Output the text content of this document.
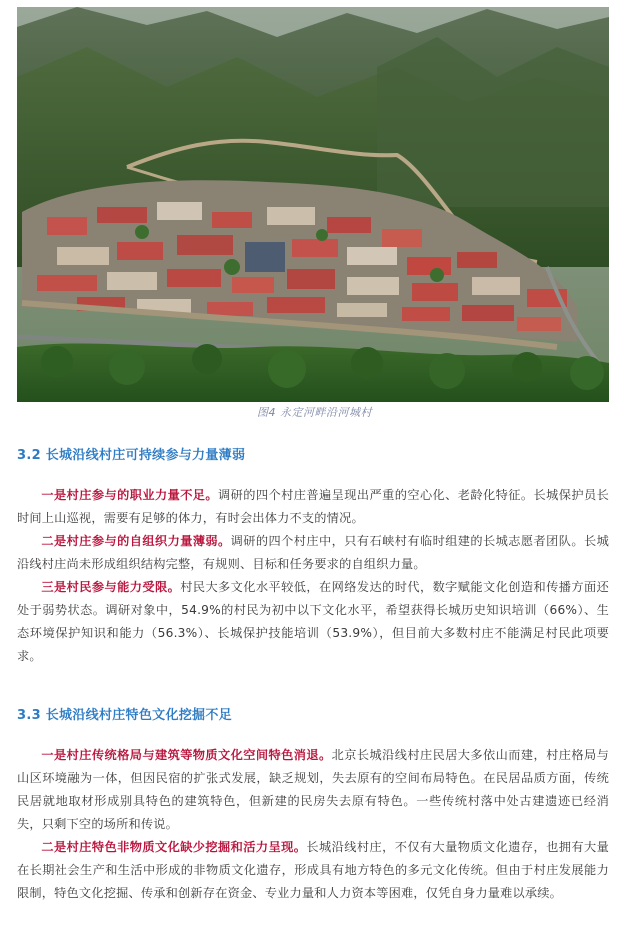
图4 永定河畔沿河城村
3.2 长城沿线村庄可持续参与力量薄弱

一是村庄参与的职业力量不足。调研的四个村庄普遍呈现出严重的空心化、老龄化特征。长城保护员长时间上山巡视，需要有足够的体力，有时会出体力不支的情况。

二是村庄参与的自组织力量薄弱。调研的四个村庄中，只有石峡村有临时组建的长城志愿者团队。长城沿线村庄尚未形成组织结构完整，有规则、目标和任务要求的自组织力量。

三是村民参与能力受限。村民大多文化水平较低，在网络发达的时代，数字赋能文化创造和传播方面还处于弱势状态。调研对象中，54.9%的村民为初中以下文化水平，希望获得长城历史知识培训（66%）、生态环境保护知识和能力（56.3%）、长城保护技能培训（53.9%），但目前大多数村庄不能满足村民此项要求。

3.3 长城沿线村庄特色文化挖掘不足

一是村庄传统格局与建筑等物质文化空间特色消退。北京长城沿线村庄民居大多依山而建，村庄格局与山区环境融为一体，但因民宿的扩张式发展，缺乏规划，失去原有的空间布局特色。在民居品质方面，传统民居就地取材形成别具特色的建筑特色，但新建的民房失去原有特色。一些传统村落中处古建遗迹已经消失，只剩下空的场所和传说。

二是村庄特色非物质文化缺少挖掘和活力呈现。长城沿线村庄，不仅有大量物质文化遗存，也拥有大量在长期社会生产和生活中形成的非物质文化遗存，形成具有地方特色的多元文化传统。但由于村庄发展能力限制，特色文化挖掘、传承和创新存在资金、专业力量和人力资本等困难，仅凭自身力量难以承续。
